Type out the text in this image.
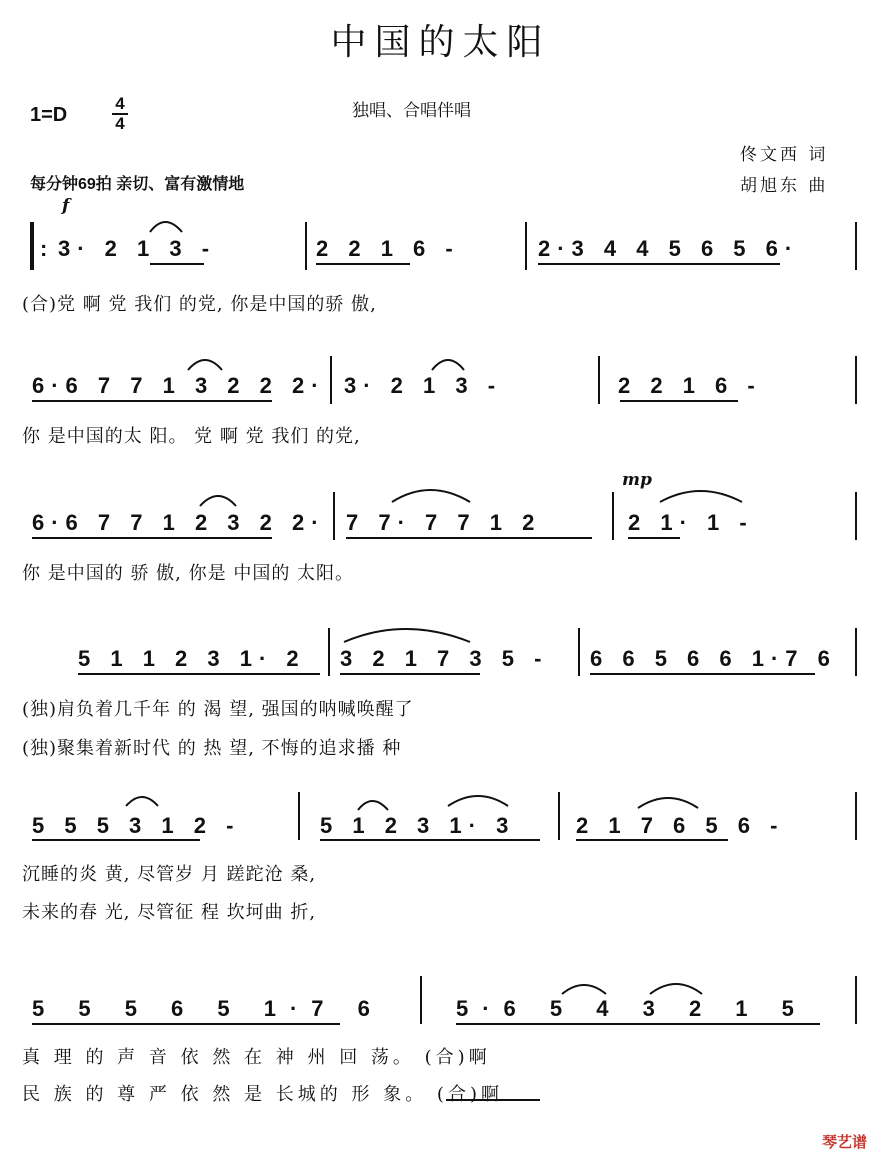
中国的太阳
1=D
4
4
独唱、合唱伴唱
佟文西 词
胡旭东 曲
每分钟69拍 亲切、富有激情地
f
mp
3· 2 1 3 -	2 2 1 6 -	2·3 4 4 5 6 5 6·
(合)党 啊 党 我们 的党, 你是中国的骄 傲,
6·6 7 7 1 3 2 2 2· 3· 2 1 3 -	2 2 1 6 -
你 是中国的太 阳。 党 啊 党 我们 的党,
6·6 7 7 1 2 3 2 2· 7 7· 7 7 1 2	2 1· 1 -
你 是中国的 骄 傲, 你是 中国的 太阳。
5 1 1 2 3 1· 2 3 2 1 7 3 5 - 6 6 5 6 6 1·7 6
(独)肩负着几千年 的 渴 望, 强国的呐喊唤醒了
(独)聚集着新时代 的 热 望, 不悔的追求播 种
5 5 5 3 1 2 -	5 1 2 3 1· 3	2 1 7 6 5 6 -
沉睡的炎 黄, 尽管岁 月 蹉跎沧 桑,
未来的春 光, 尽管征 程 坎坷曲 折,
5 5 5 6 5 1·7 6	5·6 5 4 3 2 1 5
真 理 的 声 音 依 然 在 神 州 回 荡。 (合)啊
民 族 的 尊 严 依 然 是 长城的 形 象。 (合)啊
:
琴艺谱
